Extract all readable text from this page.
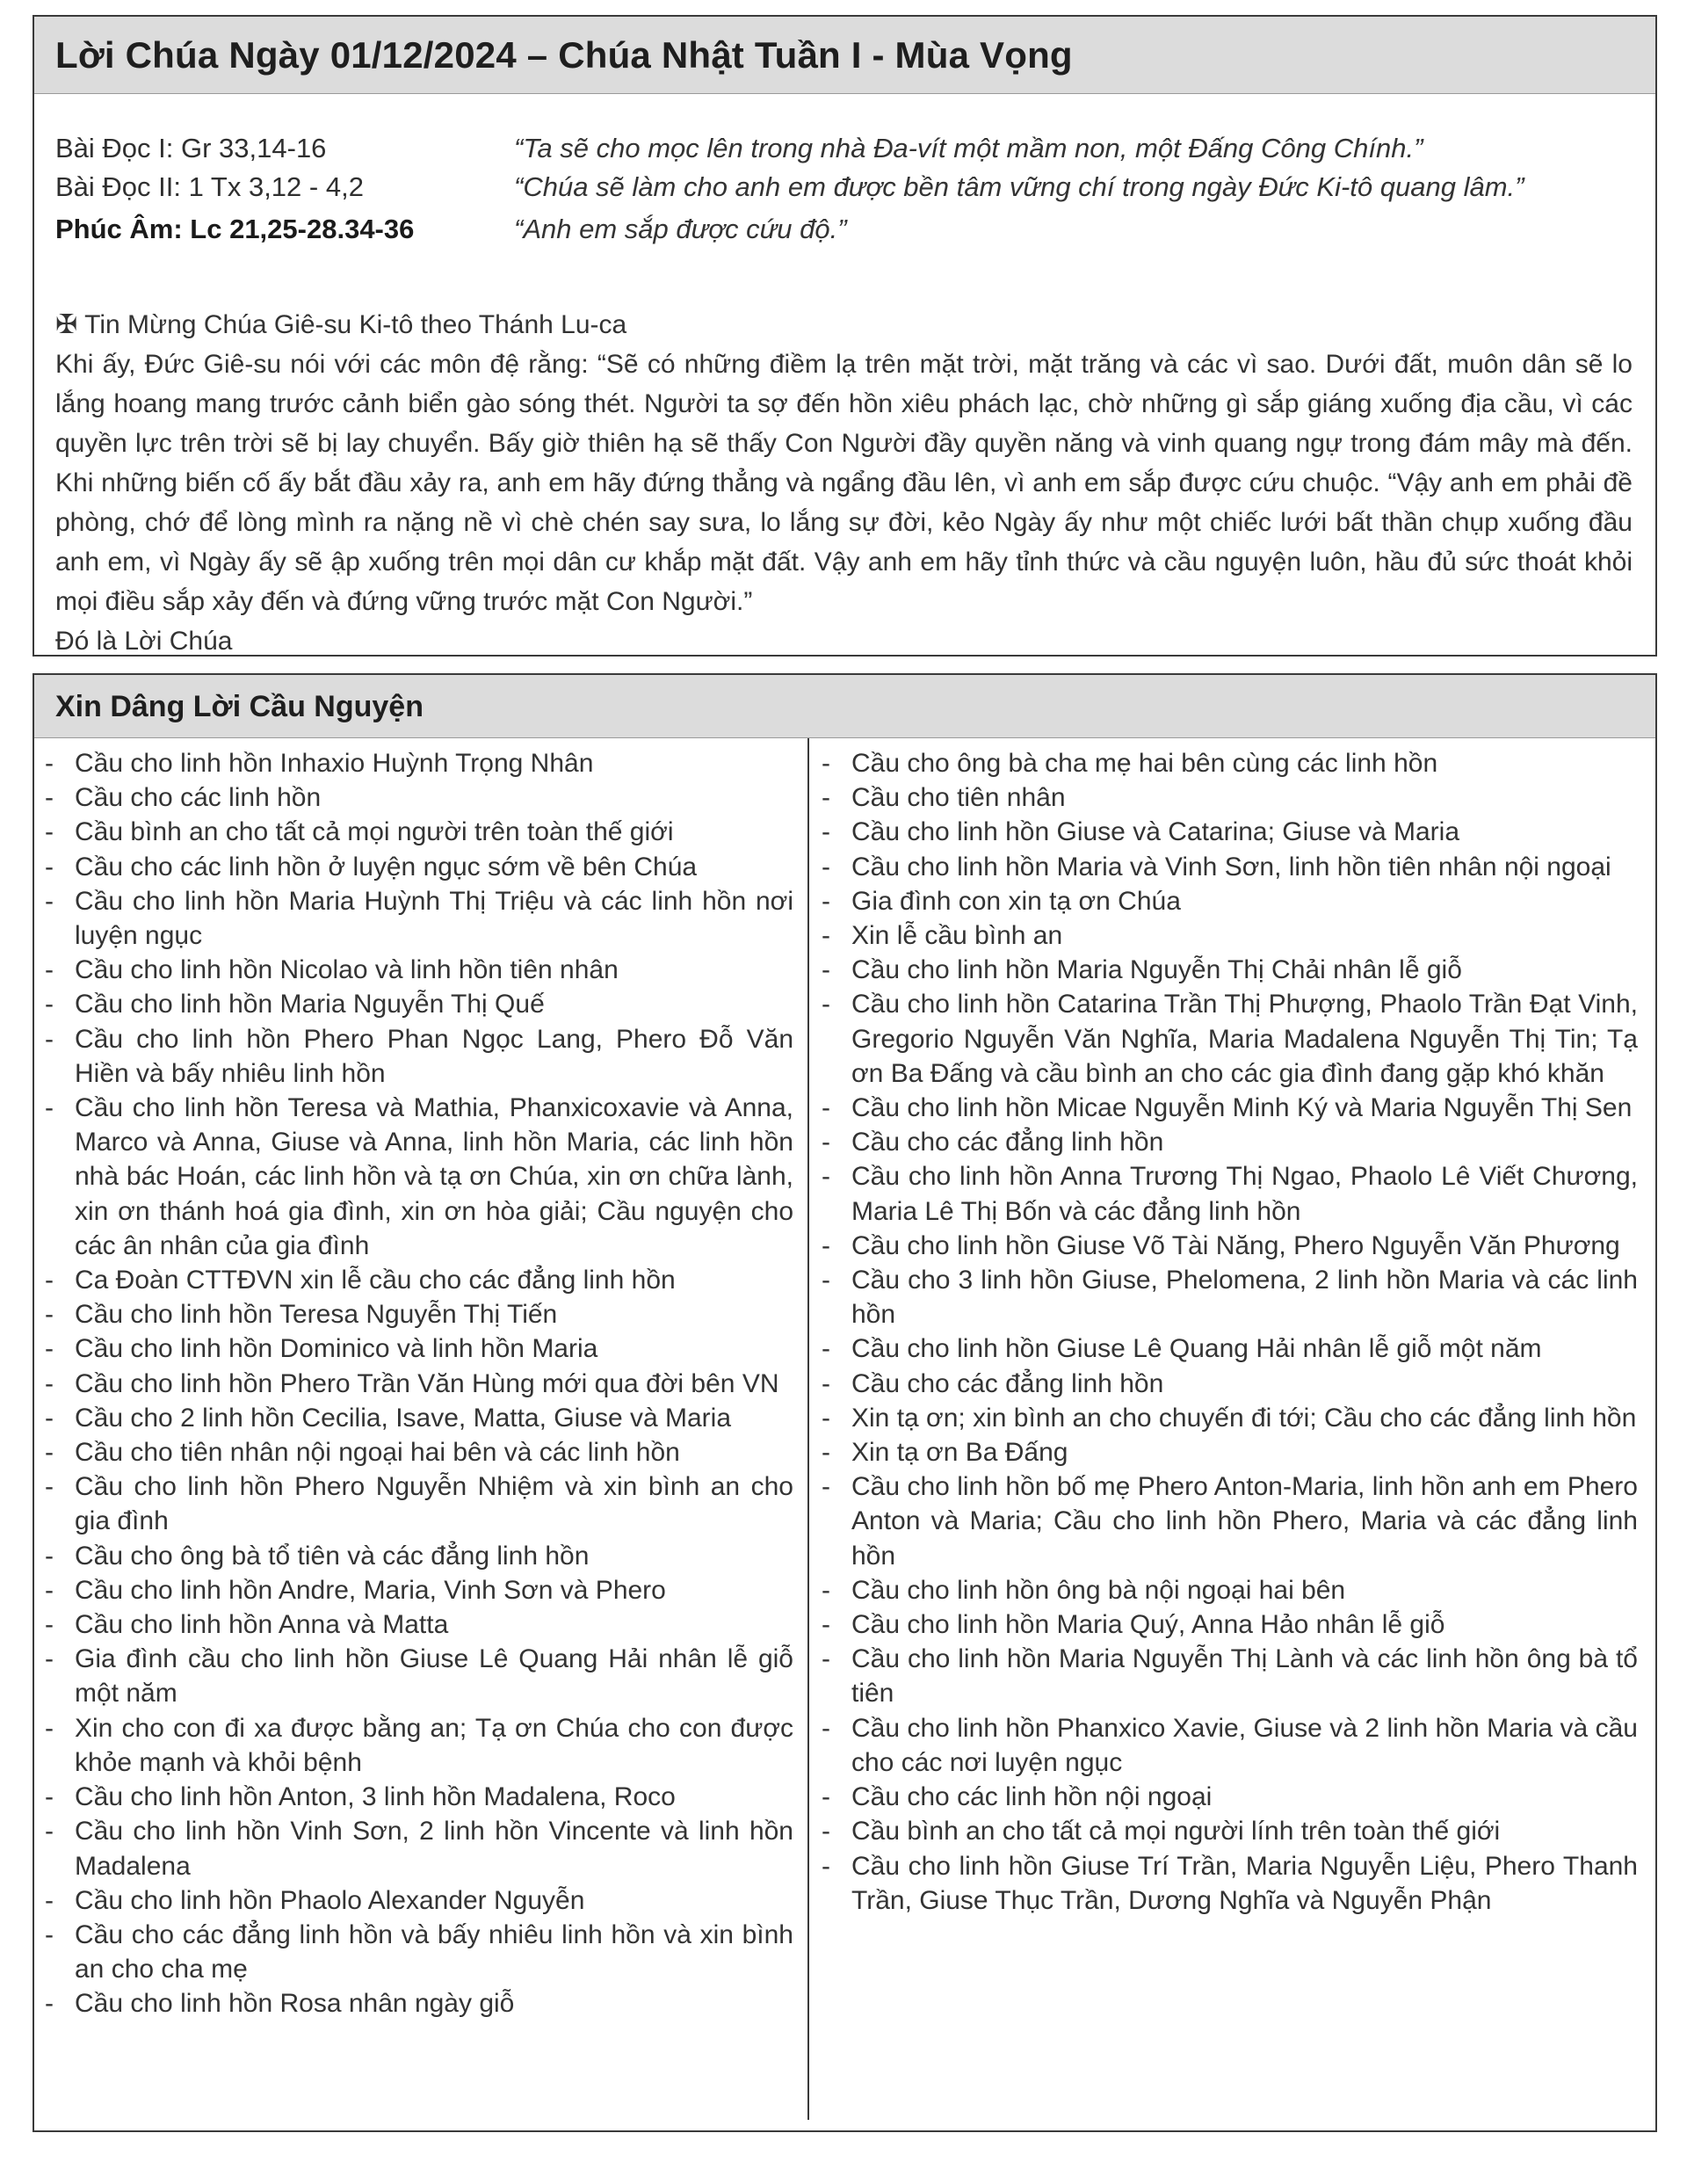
Lời Chúa Ngày 01/12/2024 – Chúa Nhật Tuần I - Mùa Vọng
Bài Đọc I: Gr 33,14-16	“Ta sẽ cho mọc lên trong nhà Đa-vít một mầm non, một Đấng Công Chính.”
Bài Đọc II: 1 Tx 3,12 - 4,2	“Chúa sẽ làm cho anh em được bền tâm vững chí trong ngày Đức Ki-tô quang lâm.”
Phúc Âm: Lc 21,25-28.34-36	“Anh em sắp được cứu độ.”

✠ Tin Mừng Chúa Giê-su Ki-tô theo Thánh Lu-ca

Khi ấy, Đức Giê-su nói với các môn đệ rằng: “Sẽ có những điềm lạ trên mặt trời, mặt trăng và các vì sao. Dưới đất, muôn dân sẽ lo lắng hoang mang trước cảnh biển gào sóng thét. Người ta sợ đến hồn xiêu phách lạc, chờ những gì sắp giáng xuống địa cầu, vì các quyền lực trên trời sẽ bị lay chuyển. Bấy giờ thiên hạ sẽ thấy Con Người đầy quyền năng và vinh quang ngự trong đám mây mà đến. Khi những biến cố ấy bắt đầu xảy ra, anh em hãy đứng thẳng và ngẩng đầu lên, vì anh em sắp được cứu chuộc. “Vậy anh em phải đề phòng, chớ để lòng mình ra nặng nề vì chè chén say sưa, lo lắng sự đời, kẻo Ngày ấy như một chiếc lưới bất thần chụp xuống đầu anh em, vì Ngày ấy sẽ ập xuống trên mọi dân cư khắp mặt đất. Vậy anh em hãy tỉnh thức và cầu nguyện luôn, hầu đủ sức thoát khỏi mọi điều sắp xảy đến và đứng vững trước mặt Con Người.”

Đó là Lời Chúa

Xin Dâng Lời Cầu Nguyện
- Cầu cho linh hồn Inhaxio Huỳnh Trọng Nhân
- Cầu cho các linh hồn
- Cầu bình an cho tất cả mọi người trên toàn thế giới
- Cầu cho các linh hồn ở luyện ngục sớm về bên Chúa
- Cầu cho linh hồn Maria Huỳnh Thị Triệu và các linh hồn nơi luyện ngục
- Cầu cho linh hồn Nicolao và linh hồn tiên nhân
- Cầu cho linh hồn Maria Nguyễn Thị Quế
- Cầu cho linh hồn Phero Phan Ngọc Lang, Phero Đỗ Văn Hiền và bấy nhiêu linh hồn
- Cầu cho linh hồn Teresa và Mathia, Phanxicoxavie và Anna, Marco và Anna, Giuse và Anna, linh hồn Maria, các linh hồn nhà bác Hoán, các linh hồn và tạ ơn Chúa, xin ơn chữa lành, xin ơn thánh hoá gia đình, xin ơn hòa giải; Cầu nguyện cho các ân nhân của gia đình
- Ca Đoàn CTTĐVN xin lễ cầu cho các đẳng linh hồn
- Cầu cho linh hồn Teresa Nguyễn Thị Tiến
- Cầu cho linh hồn Dominico và linh hồn Maria
- Cầu cho linh hồn Phero Trần Văn Hùng mới qua đời bên VN
- Cầu cho 2 linh hồn Cecilia, Isave, Matta, Giuse và Maria
- Cầu cho tiên nhân nội ngoại hai bên và các linh hồn
- Cầu cho linh hồn Phero Nguyễn Nhiệm và xin bình an cho gia đình
- Cầu cho ông bà tổ tiên và các đẳng linh hồn
- Cầu cho linh hồn Andre, Maria, Vinh Sơn và Phero
- Cầu cho linh hồn Anna và Matta
- Gia đình cầu cho linh hồn Giuse Lê Quang Hải nhân lễ giỗ một năm
- Xin cho con đi xa được bằng an; Tạ ơn Chúa cho con được khỏe mạnh và khỏi bệnh
- Cầu cho linh hồn Anton, 3 linh hồn Madalena, Roco
- Cầu cho linh hồn Vinh Sơn, 2 linh hồn Vincente và linh hồn Madalena
- Cầu cho linh hồn Phaolo Alexander Nguyễn
- Cầu cho các đẳng linh hồn và bấy nhiêu linh hồn và xin bình an cho cha mẹ
- Cầu cho linh hồn Rosa nhân ngày giỗ
- Cầu cho ông bà cha mẹ hai bên cùng các linh hồn
- Cầu cho tiên nhân
- Cầu cho linh hồn Giuse và Catarina; Giuse và Maria
- Cầu cho linh hồn Maria và Vinh Sơn, linh hồn tiên nhân nội ngoại
- Gia đình con xin tạ ơn Chúa
- Xin lễ cầu bình an
- Cầu cho linh hồn Maria Nguyễn Thị Chải nhân lễ giỗ
- Cầu cho linh hồn Catarina Trần Thị Phượng, Phaolo Trần Đạt Vinh, Gregorio Nguyễn Văn Nghĩa, Maria Madalena Nguyễn Thị Tin; Tạ ơn Ba Đấng và cầu bình an cho các gia đình đang gặp khó khăn
- Cầu cho linh hồn Micae Nguyễn Minh Ký và Maria Nguyễn Thị Sen
- Cầu cho các đẳng linh hồn
- Cầu cho linh hồn Anna Trương Thị Ngao, Phaolo Lê Viết Chương, Maria Lê Thị Bốn và các đẳng linh hồn
- Cầu cho linh hồn Giuse Võ Tài Năng, Phero Nguyễn Văn Phương
- Cầu cho 3 linh hồn Giuse, Phelomena, 2 linh hồn Maria và các linh hồn
- Cầu cho linh hồn Giuse Lê Quang Hải nhân lễ giỗ một năm
- Cầu cho các đẳng linh hồn
- Xin tạ ơn; xin bình an cho chuyến đi tới; Cầu cho các đẳng linh hồn
- Xin tạ ơn Ba Đấng
- Cầu cho linh hồn bố mẹ Phero Anton-Maria, linh hồn anh em Phero Anton và Maria; Cầu cho linh hồn Phero, Maria và các đẳng linh hồn
- Cầu cho linh hồn ông bà nội ngoại hai bên
- Cầu cho linh hồn Maria Quý, Anna Hảo nhân lễ giỗ
- Cầu cho linh hồn Maria Nguyễn Thị Lành và các linh hồn ông bà tổ tiên
- Cầu cho linh hồn Phanxico Xavie, Giuse và 2 linh hồn Maria và cầu cho các nơi luyện ngục
- Cầu cho các linh hồn nội ngoại
- Cầu bình an cho tất cả mọi người lính trên toàn thế giới
- Cầu cho linh hồn Giuse Trí Trần, Maria Nguyễn Liệu, Phero Thanh Trần, Giuse Thục Trần, Dương Nghĩa và Nguyễn Phận
